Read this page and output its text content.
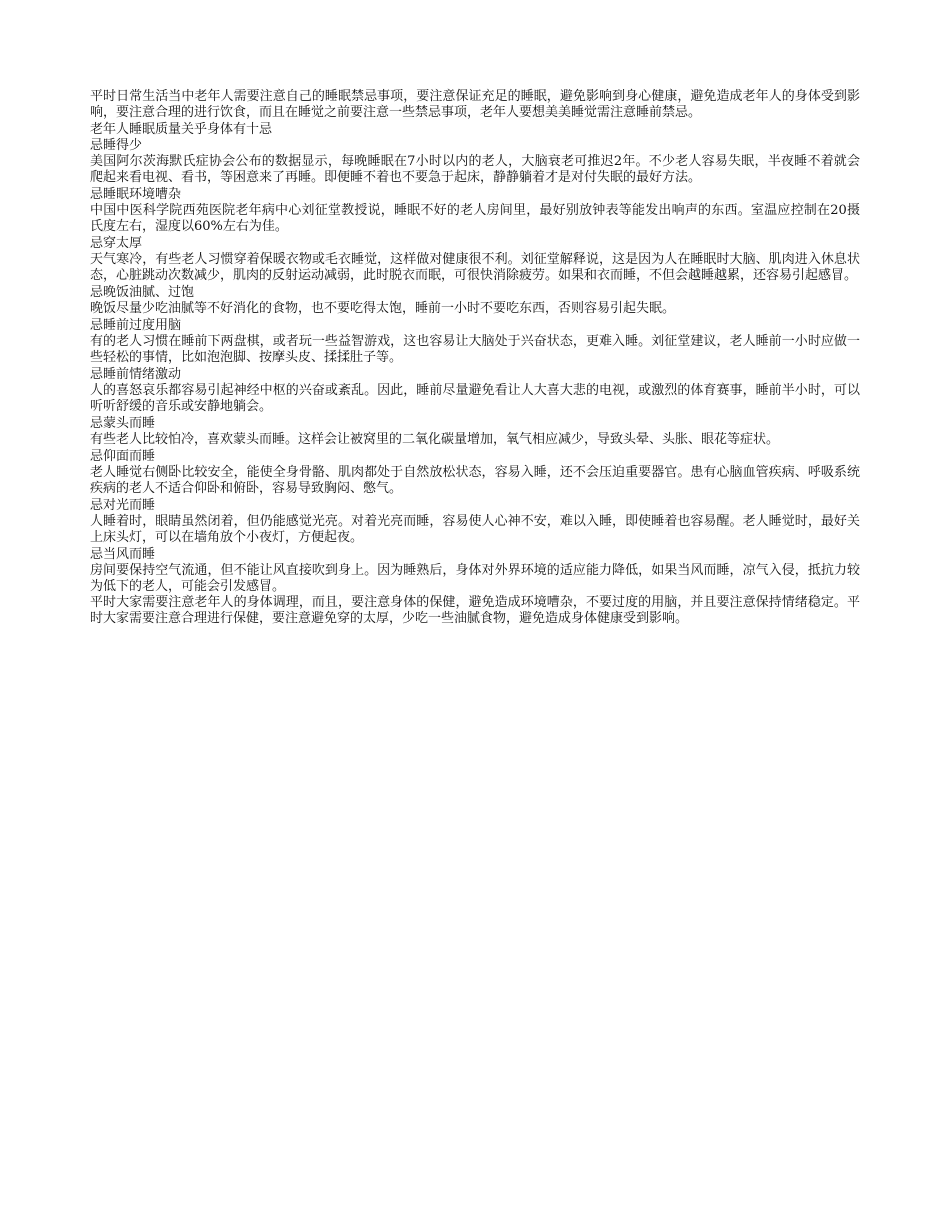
平时日常生活当中老年人需要注意自己的睡眠禁忌事项，要注意保证充足的睡眠，避免影响到身心健康，避免造成老年人的身体受到影响，要注意合理的进行饮食，而且在睡觉之前要注意一些禁忌事项，老年人要想美美睡觉需注意睡前禁忌。

老年人睡眠质量关乎身体有十忌

忌睡得少

美国阿尔茨海默氏症协会公布的数据显示，每晚睡眠在7小时以内的老人，大脑衰老可推迟2年。不少老人容易失眠，半夜睡不着就会爬起来看电视、看书，等困意来了再睡。即便睡不着也不要急于起床，静静躺着才是对付失眠的最好方法。

忌睡眠环境嘈杂

中国中医科学院西苑医院老年病中心刘征堂教授说，睡眠不好的老人房间里，最好别放钟表等能发出响声的东西。室温应控制在20摄氏度左右，湿度以60%左右为佳。

忌穿太厚

天气寒冷，有些老人习惯穿着保暖衣物或毛衣睡觉，这样做对健康很不利。刘征堂解释说，这是因为人在睡眠时大脑、肌肉进入休息状态，心脏跳动次数减少，肌肉的反射运动减弱，此时脱衣而眠，可很快消除疲劳。如果和衣而睡，不但会越睡越累，还容易引起感冒。

忌晚饭油腻、过饱

晚饭尽量少吃油腻等不好消化的食物，也不要吃得太饱，睡前一小时不要吃东西，否则容易引起失眠。

忌睡前过度用脑

有的老人习惯在睡前下两盘棋，或者玩一些益智游戏，这也容易让大脑处于兴奋状态，更难入睡。刘征堂建议，老人睡前一小时应做一些轻松的事情，比如泡泡脚、按摩头皮、揉揉肚子等。

忌睡前情绪激动

人的喜怒哀乐都容易引起神经中枢的兴奋或紊乱。因此，睡前尽量避免看让人大喜大悲的电视，或激烈的体育赛事，睡前半小时，可以听听舒缓的音乐或安静地躺会。

忌蒙头而睡

有些老人比较怕冷，喜欢蒙头而睡。这样会让被窝里的二氧化碳量增加，氧气相应减少，导致头晕、头胀、眼花等症状。

忌仰面而睡

老人睡觉右侧卧比较安全，能使全身骨骼、肌肉都处于自然放松状态，容易入睡，还不会压迫重要器官。患有心脑血管疾病、呼吸系统疾病的老人不适合仰卧和俯卧，容易导致胸闷、憋气。

忌对光而睡

人睡着时，眼睛虽然闭着，但仍能感觉光亮。对着光亮而睡，容易使人心神不安，难以入睡，即使睡着也容易醒。老人睡觉时，最好关上床头灯，可以在墙角放个小夜灯，方便起夜。

忌当风而睡

房间要保持空气流通，但不能让风直接吹到身上。因为睡熟后，身体对外界环境的适应能力降低，如果当风而睡，凉气入侵，抵抗力较为低下的老人，可能会引发感冒。

平时大家需要注意老年人的身体调理，而且，要注意身体的保健，避免造成环境嘈杂，不要过度的用脑，并且要注意保持情绪稳定。平时大家需要注意合理进行保健，要注意避免穿的太厚，少吃一些油腻食物，避免造成身体健康受到影响。
